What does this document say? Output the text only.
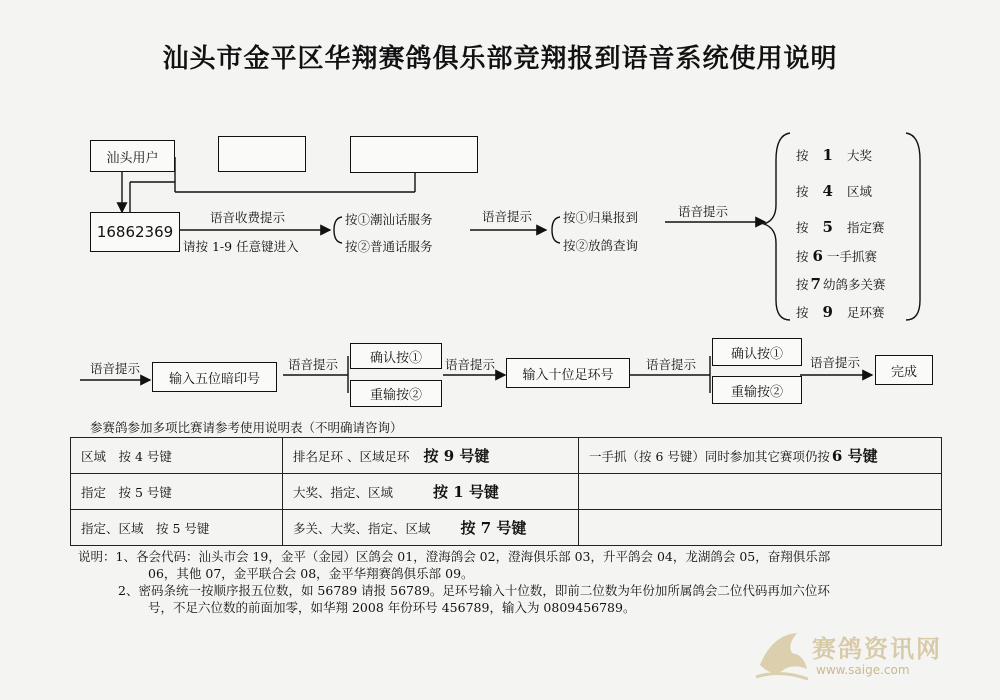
汕头市金平区华翔赛鸽俱乐部竞翔报到语音系统使用说明
汕头用户
16862369
语音收费提示
请按 1-9 任意键进入
按①潮汕话服务
按②普通话服务
语音提示 按①归巢报到
按②放鸽查询
语音提示
按 1 大奖
按 4 区域
按 5 指定赛
按 6 一手抓赛
按 7 幼鸽多关赛
按 9 足环赛
语音提示
输入五位暗印号
语音提示	确认按①
重输按②
语音提示
输入十位足环号
语音提示
确认按①
重输按②
语音提示
完成
参赛鸽参加多项比赛请参考使用说明表（不明确请咨询）
区域　按 4 号键	排名足环 、区域足环 按 9 号键	一手抓（按 6 号键）同时参加其它赛项仍按 6 号键
指定　按 5 号键	大奖、指定、区域 按 1 号键	
指定、区域　按 5 号键	多关、大奖、指定、区域 按 7 号键	
说明：1、各会代码：汕头市会 19，金平（金园）区鸽会 01，澄海鸽会 02，澄海俱乐部 03，升平鸽会 04，龙湖鸽会 05，奋翔俱乐部
06，其他 07，金平联合会 08，金平华翔赛鸽俱乐部 09。
2、密码条统一按顺序报五位数，如 56789 请报 56789。足环号输入十位数，即前二位数为年份加所属鸽会二位代码再加六位环
号，不足六位数的前面加零，如华翔 2008 年份环号 456789，输入为 0809456789。
赛鸽资讯网
www.saige.com
